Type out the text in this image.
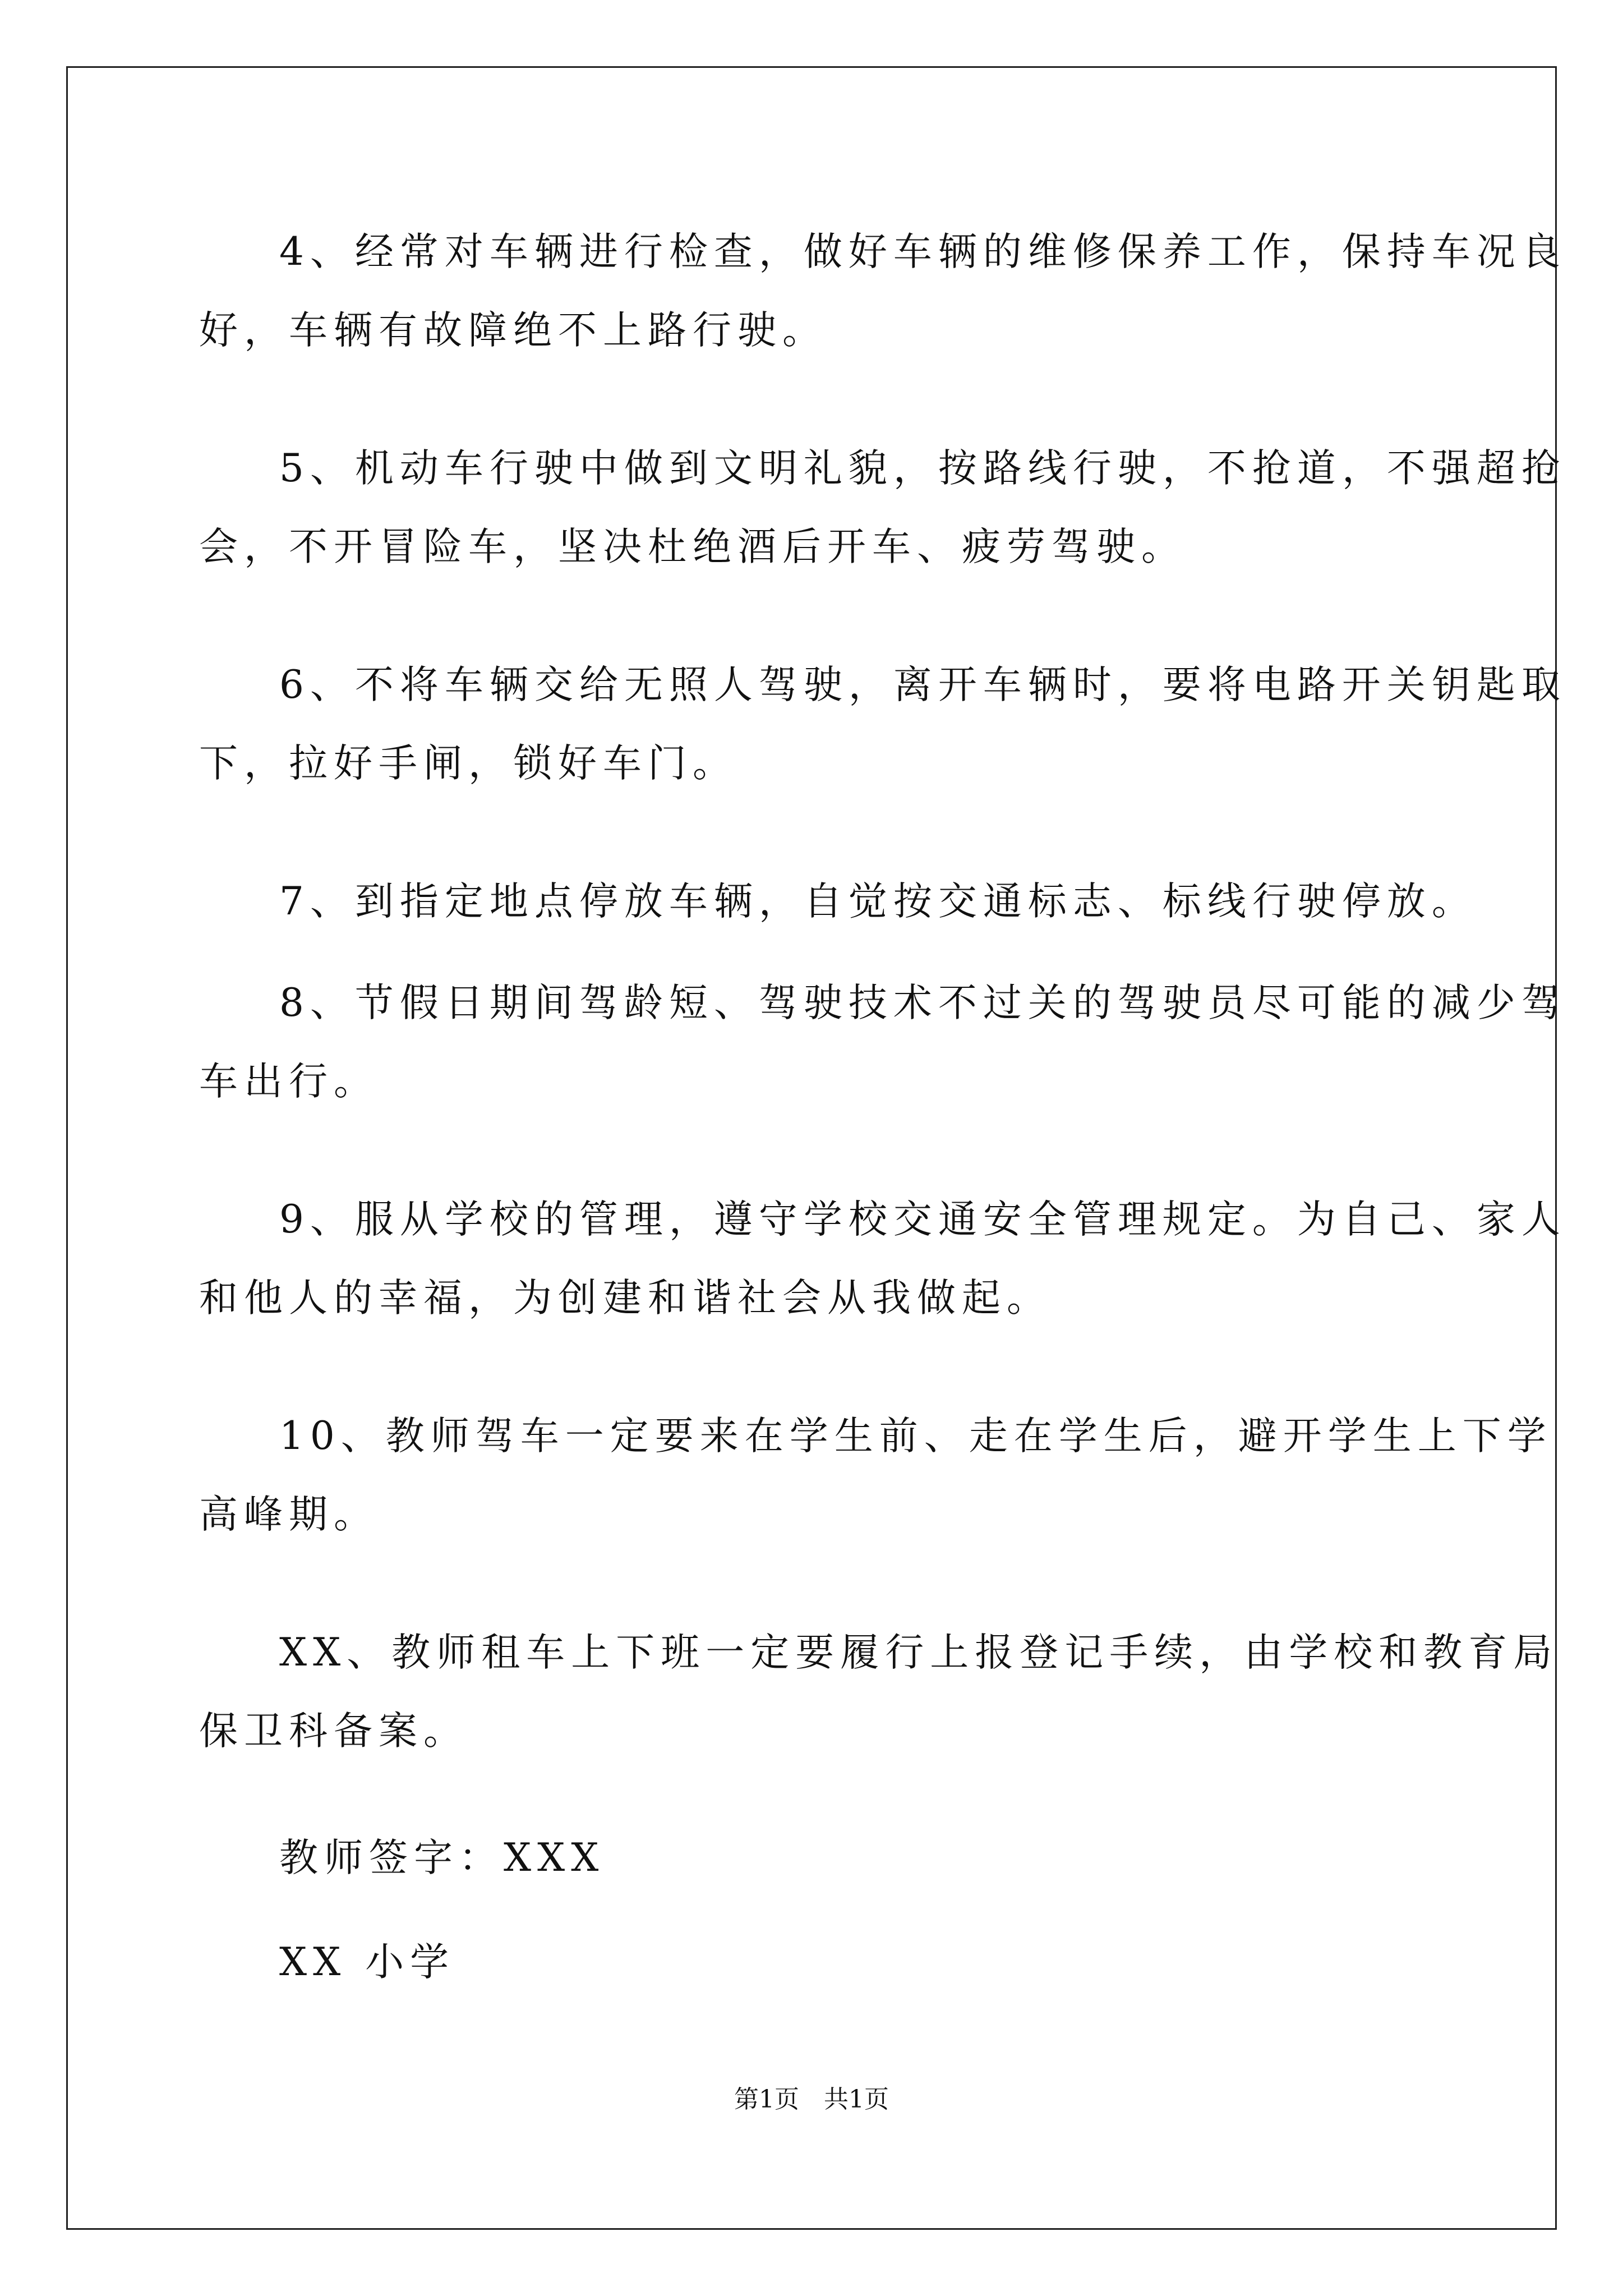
4、经常对车辆进行检查，做好车辆的维修保养工作，保持车况良
好，车辆有故障绝不上路行驶。
5、机动车行驶中做到文明礼貌，按路线行驶，不抢道，不强超抢
会，不开冒险车，坚决杜绝酒后开车、疲劳驾驶。
6、不将车辆交给无照人驾驶，离开车辆时，要将电路开关钥匙取
下，拉好手闸，锁好车门。
7、到指定地点停放车辆，自觉按交通标志、标线行驶停放。
8、节假日期间驾龄短、驾驶技术不过关的驾驶员尽可能的减少驾
车出行。
9、服从学校的管理，遵守学校交通安全管理规定。为自己、家人
和他人的幸福，为创建和谐社会从我做起。
10、教师驾车一定要来在学生前、走在学生后，避开学生上下学
高峰期。
XX、教师租车上下班一定要履行上报登记手续，由学校和教育局
保卫科备案。
教师签字：XXX
XX 小学
第1页　共1页
